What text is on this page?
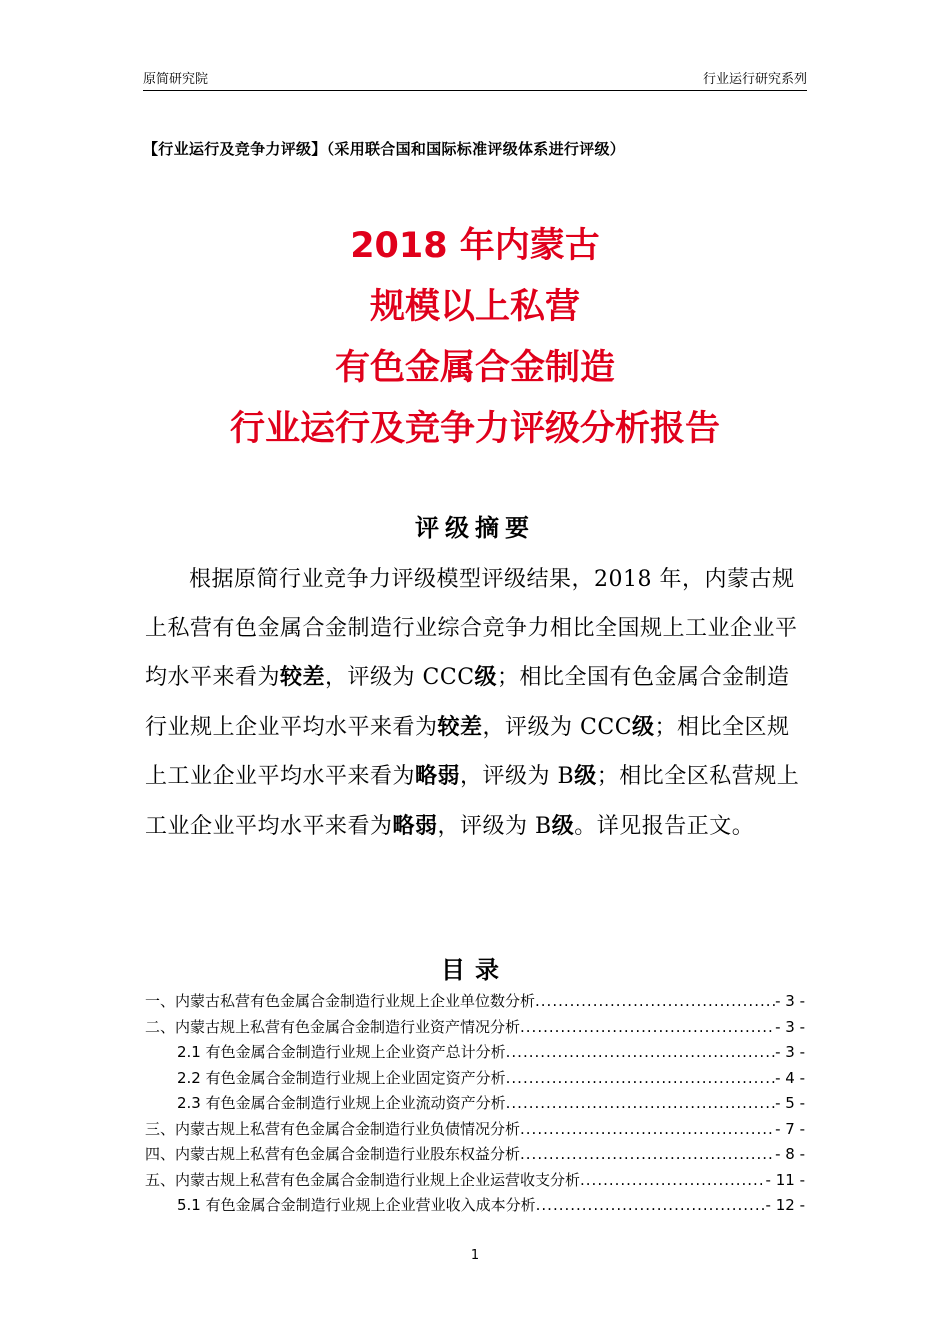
原简研究院	行业运行研究系列
【行业运行及竞争力评级】（采用联合国和国际标准评级体系进行评级）
2018 年内蒙古
规模以上私营
有色金属合金制造
行业运行及竞争力评级分析报告
评级摘要

根据原简行业竞争力评级模型评级结果，2018 年，内蒙古规上私营有色金属合金制造行业综合竞争力相比全国规上工业企业平均水平来看为较差，评级为 CCC级；相比全国有色金属合金制造行业规上企业平均水平来看为较差，评级为 CCC级；相比全区规上工业企业平均水平来看为略弱，评级为 B级；相比全区私营规上工业企业平均水平来看为略弱，评级为 B级。详见报告正文。

目录
一、内蒙古私营有色金属合金制造行业规上企业单位数分析 .....	- 3 -
二、内蒙古规上私营有色金属合金制造行业资产情况分析 .....	- 3 -
2.1 有色金属合金制造行业规上企业资产总计分析 .....	- 3 -
2.2 有色金属合金制造行业规上企业固定资产分析 .....	- 4 -
2.3 有色金属合金制造行业规上企业流动资产分析 .....	- 5 -
三、内蒙古规上私营有色金属合金制造行业负债情况分析 .....	- 7 -
四、内蒙古规上私营有色金属合金制造行业股东权益分析 .....	- 8 -
五、内蒙古规上私营有色金属合金制造行业规上企业运营收支分析 .....	- 11 -
5.1 有色金属合金制造行业规上企业营业收入成本分析 .....	- 12 -
1
